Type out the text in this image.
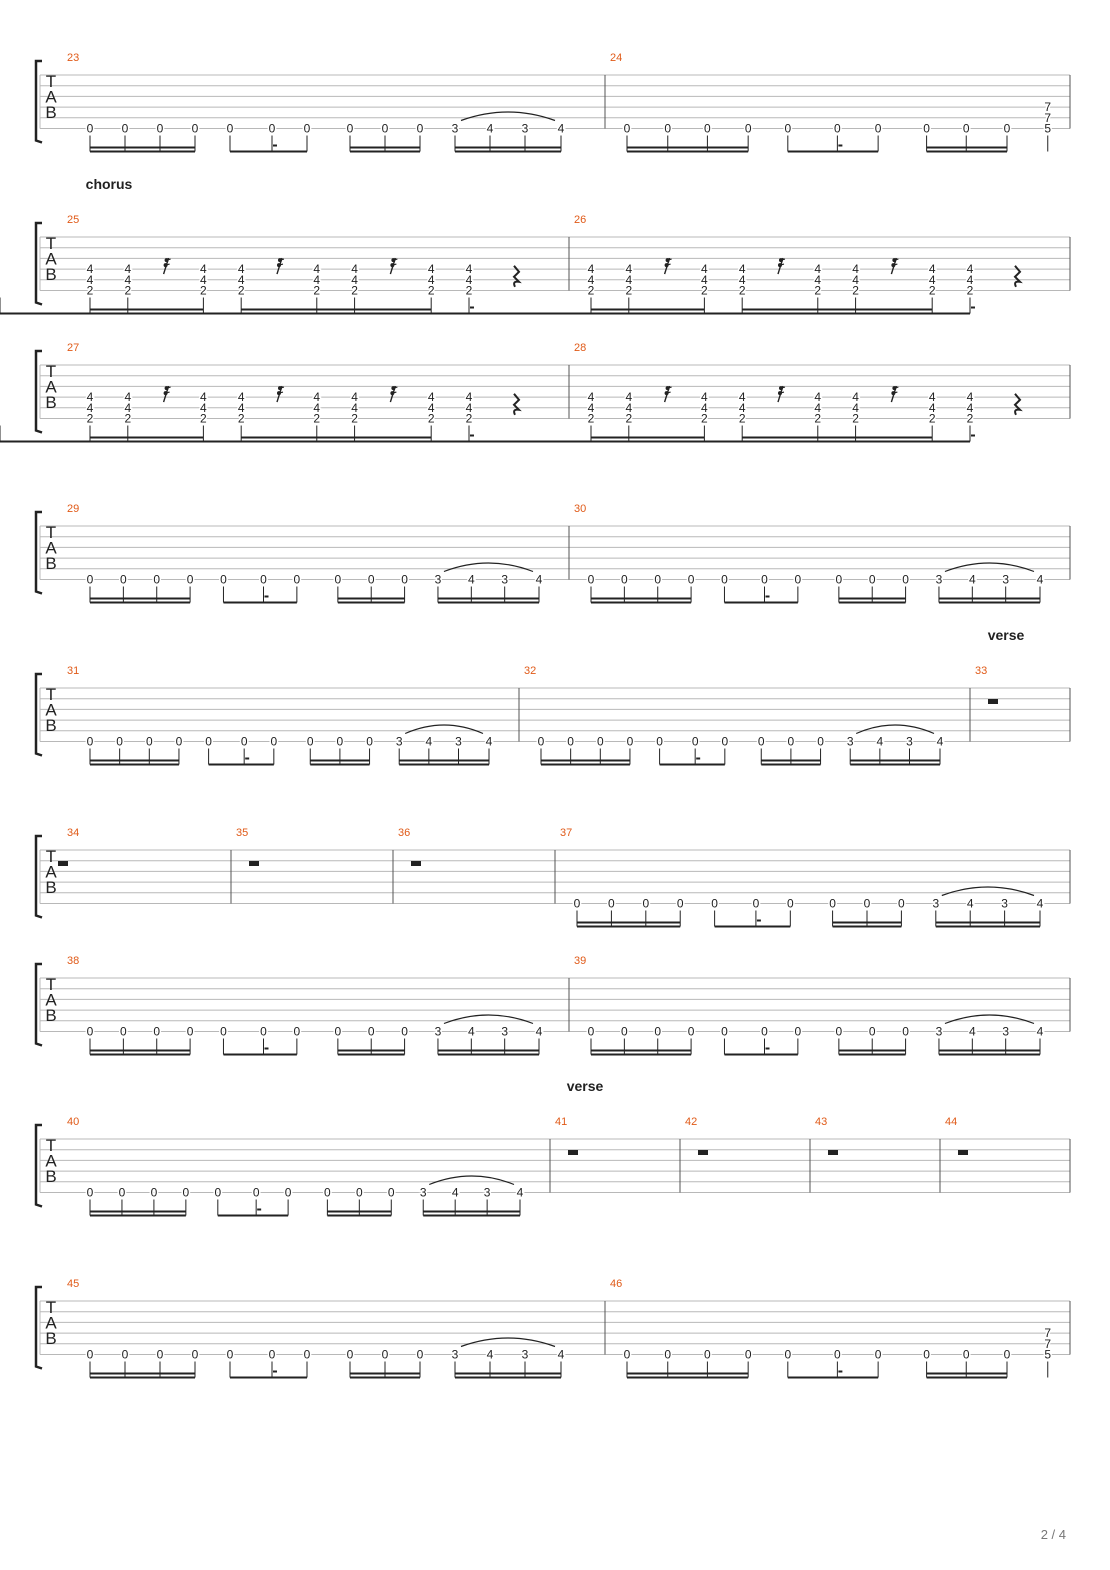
T
A
B
23
0 0 0 0 0	0 0	0 0 0 3 4 3 4
24
0	0	0	0	0	0	0	0	0	0
7
7
5
T
A
B
chorus
25
4
4
2
4
4
2
4
4
2
4
4
2
4
4
2
4
4
2
4
4
2
4
4
2
26
4
4
2
4
4
2
4
4
2
4
4
2
4
4
2
4
4
2
4
4
2
4
4
2
T
A
B
27
4
4
2
4
4
2
4
4
2
4
4
2
4
4
2
4
4
2
4
4
2
4
4
2
28
4
4
2
4
4
2
4
4
2
4
4
2
4
4
2
4
4
2
4
4
2
4
4
2
T
A
B
29
0 0 0 0 0	0 0	0 0 0 3 4 3 4
30
0 0 0 0 0	0 0	0 0 0 3 4 3 4
T
A
B
verse
31
0 0 0 0 0 0 0 0 0 0 3 4 3 4
32
0 0 0 0 0 0 0 0 0 0 3 4 3 4
33
T
A
B
34	35	36	37
0 0 0 0 0	0 0	0 0 0 3 4 3 4
T
A
B
38
0 0 0 0 0	0 0	0 0 0 3 4 3 4
39
0 0 0 0 0	0 0	0 0 0 3 4 3 4
T
A
B
verse
40
0 0 0 0 0	0 0	0 0 0 3 4 3 4
41	42	43	44
T
A
B
45
0 0 0 0 0	0 0	0 0 0 3 4 3 4
46
0	0	0	0	0	0	0	0	0	0
7
7
5
2 / 4
